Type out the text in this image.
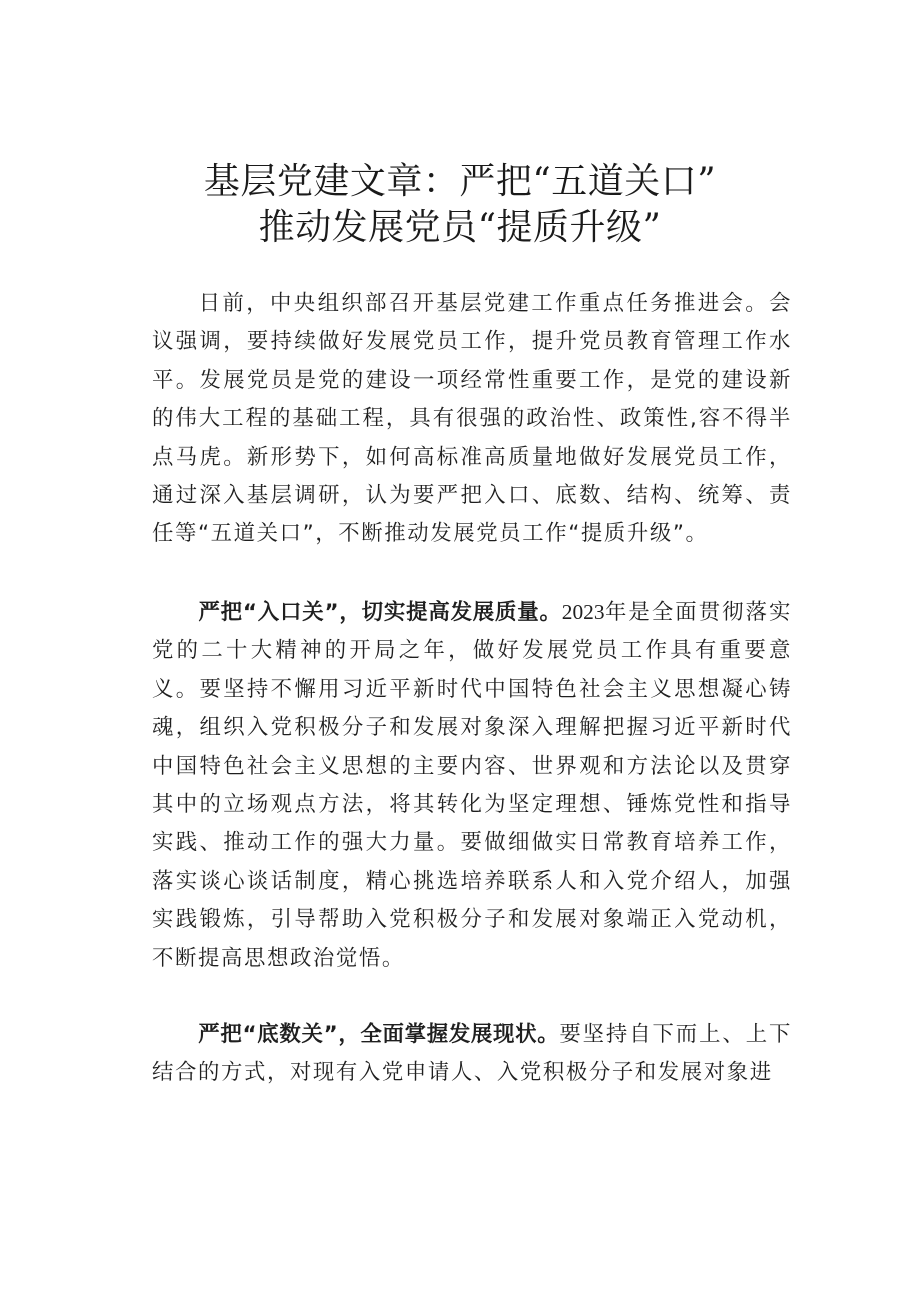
基层党建文章：严把“五道关口”
推动发展党员“提质升级”
日前，中央组织部召开基层党建工作重点任务推进会。会议强调，要持续做好发展党员工作，提升党员教育管理工作水平。发展党员是党的建设一项经常性重要工作，是党的建设新的伟大工程的基础工程，具有很强的政治性、政策性,容不得半点马虎。新形势下，如何高标准高质量地做好发展党员工作，通过深入基层调研，认为要严把入口、底数、结构、统筹、责任等“五道关口”，不断推动发展党员工作“提质升级”。
严把“入口关”，切实提高发展质量。2023年是全面贯彻落实党的二十大精神的开局之年，做好发展党员工作具有重要意义。要坚持不懈用习近平新时代中国特色社会主义思想凝心铸魂，组织入党积极分子和发展对象深入理解把握习近平新时代中国特色社会主义思想的主要内容、世界观和方法论以及贯穿其中的立场观点方法，将其转化为坚定理想、锤炼党性和指导实践、推动工作的强大力量。要做细做实日常教育培养工作，落实谈心谈话制度，精心挑选培养联系人和入党介绍人，加强实践锻炼，引导帮助入党积极分子和发展对象端正入党动机，不断提高思想政治觉悟。
严把“底数关”，全面掌握发展现状。要坚持自下而上、上下结合的方式，对现有入党申请人、入党积极分子和发展对象进
